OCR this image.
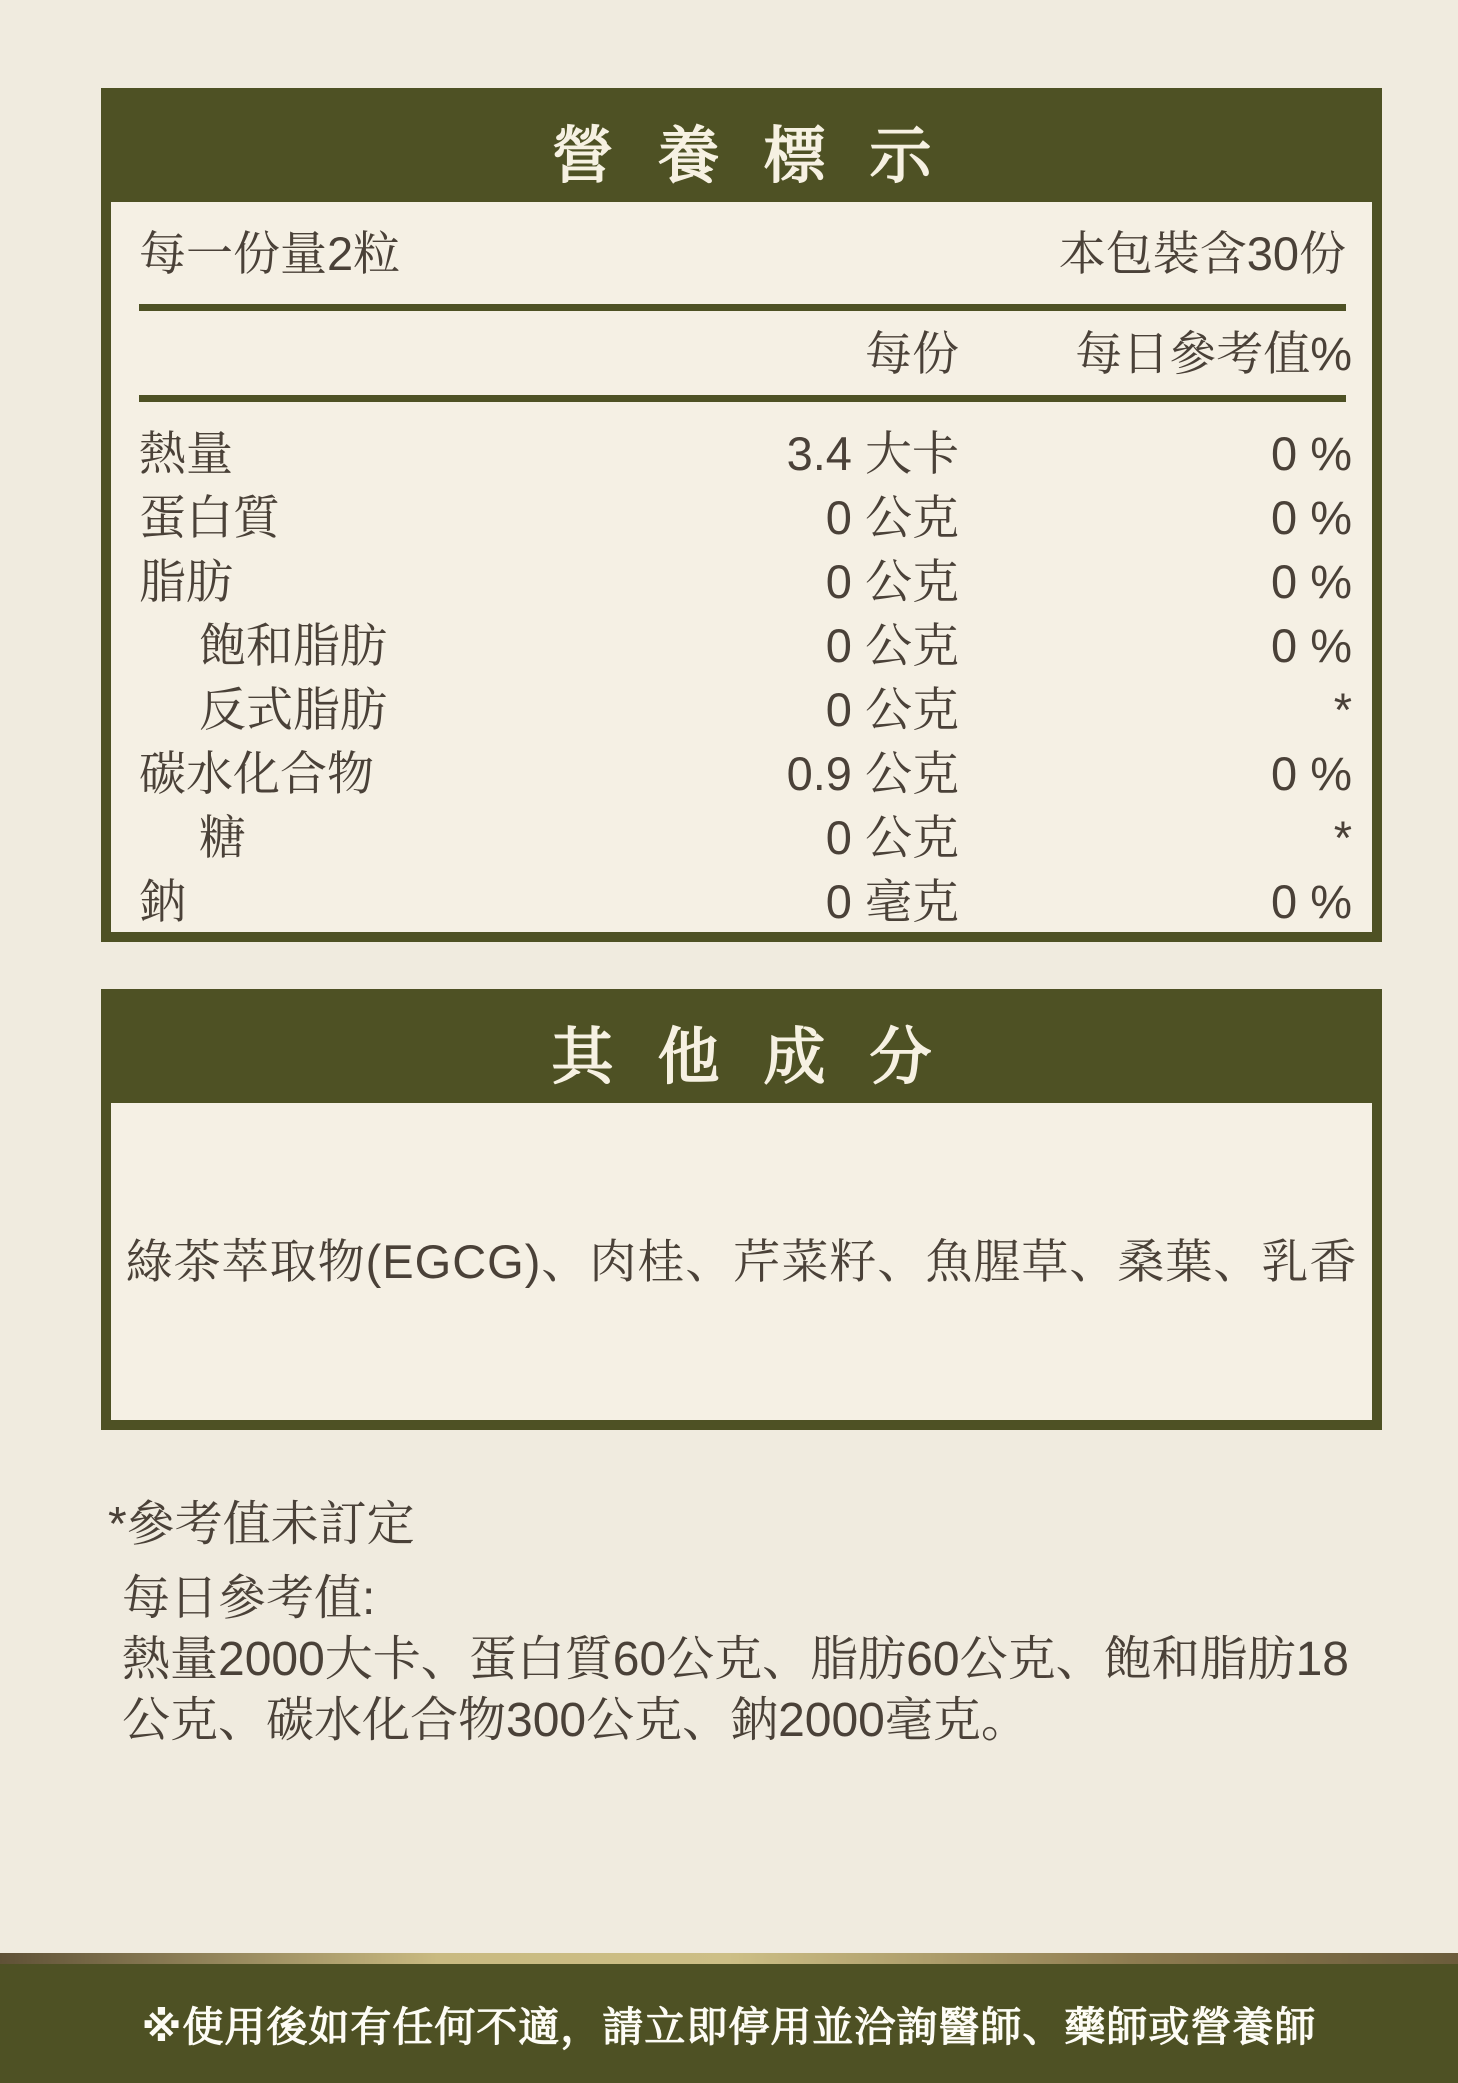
營養標示
每一份量2粒	本包裝含30份
每份 每日參考值%
熱量	3.4 大卡	0 %
蛋白質	0 公克	0 %
脂肪	0 公克	0 %
飽和脂肪	0 公克	0 %
反式脂肪	0 公克	*
碳水化合物	0.9 公克	0 %
糖	0 公克	*
鈉	0 毫克	0 %
其他成分
綠茶萃取物(EGCG)、肉桂、芹菜籽、魚腥草、桑葉、乳香
*參考值未訂定
每日參考值:
熱量2000大卡、蛋白質60公克、脂肪60公克、飽和脂肪18
公克、碳水化合物300公克、鈉2000毫克。
※使用後如有任何不適，請立即停用並洽詢醫師、藥師或營養師
